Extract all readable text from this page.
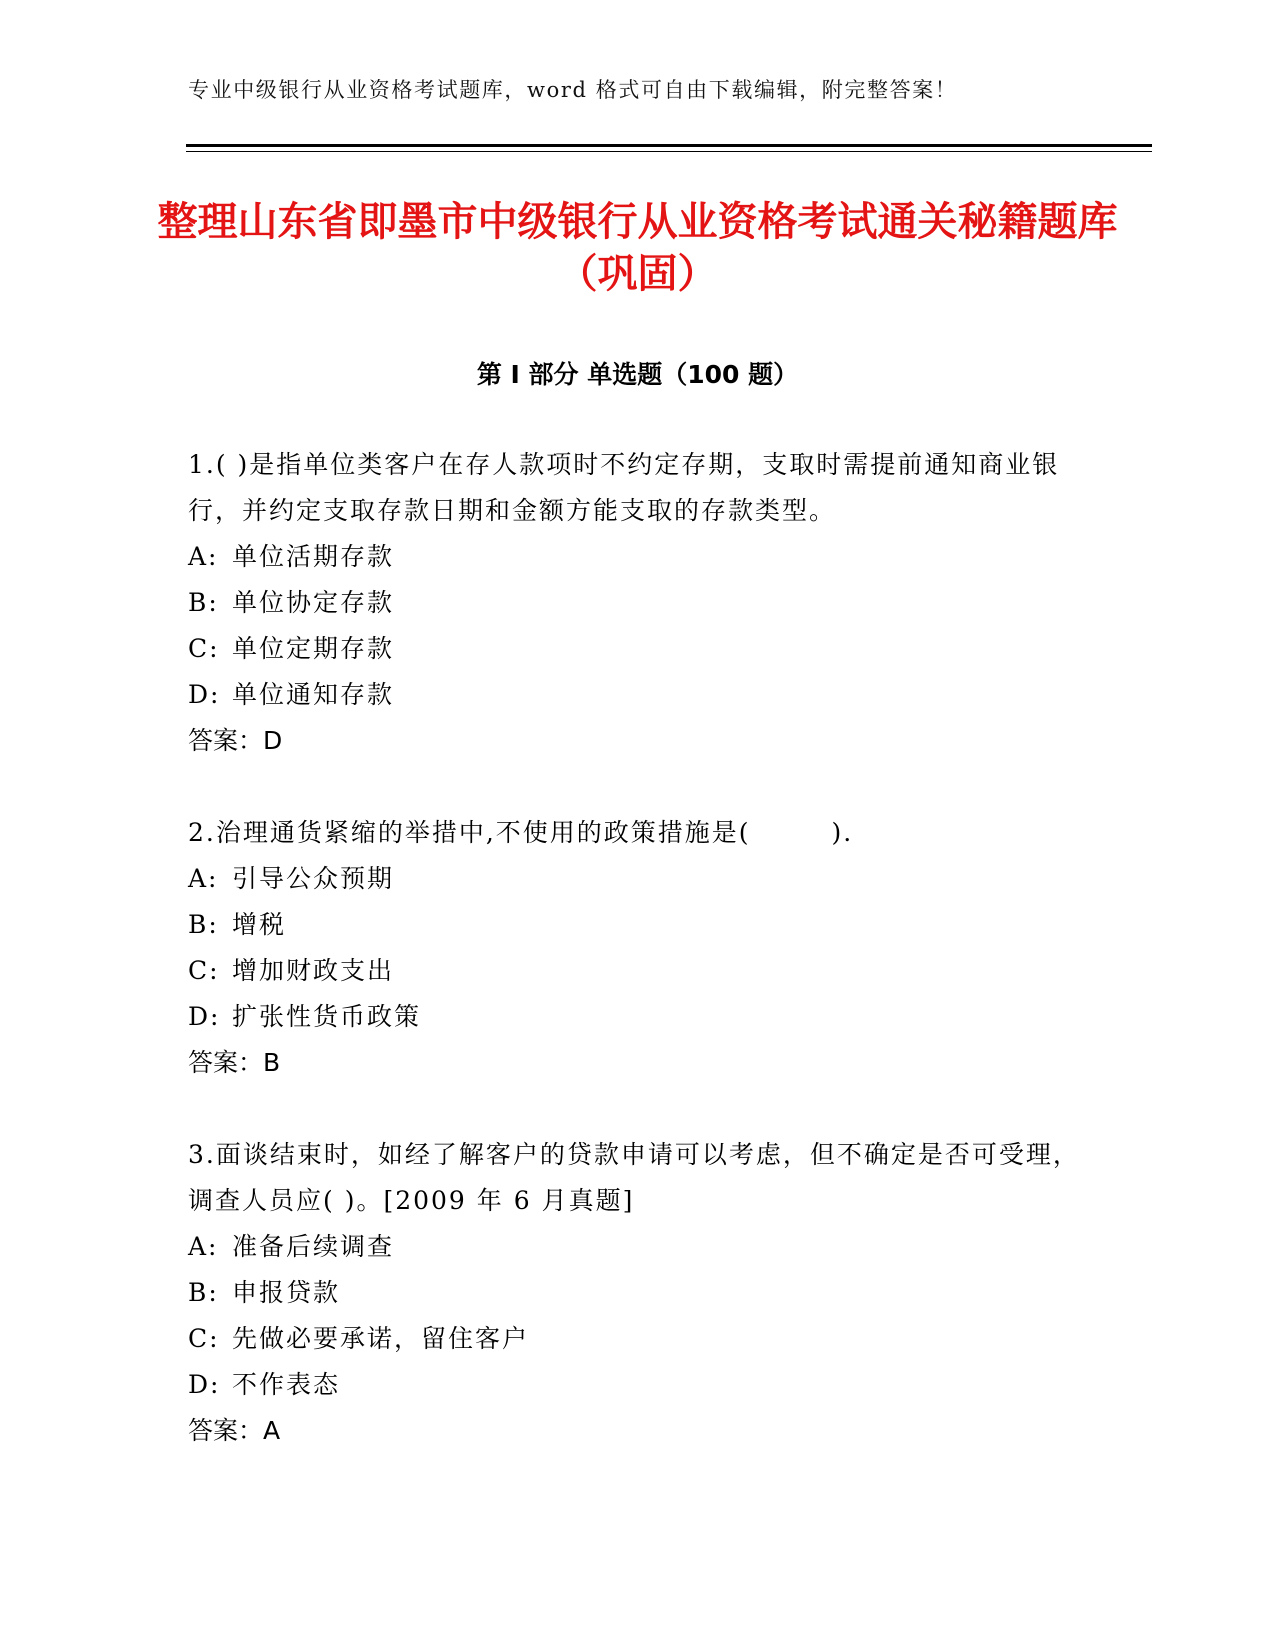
专业中级银行从业资格考试题库，word 格式可自由下载编辑，附完整答案！
整理山东省即墨市中级银行从业资格考试通关秘籍题库（巩固）
第 I 部分 单选题（100 题）

1.( )是指单位类客户在存人款项时不约定存期，支取时需提前通知商业银行，并约定支取存款日期和金额方能支取的存款类型。

A: 单位活期存款
B: 单位协定存款
C: 单位定期存款
D: 单位通知存款
答案：D

2.治理通货紧缩的举措中,不使用的政策措施是(　　　).

A: 引导公众预期
B: 增税
C: 增加财政支出
D: 扩张性货币政策
答案：B

3.面谈结束时，如经了解客户的贷款申请可以考虑，但不确定是否可受理，调查人员应( )。[2009 年 6 月真题]

A: 准备后续调查
B: 申报贷款
C: 先做必要承诺，留住客户
D: 不作表态
答案：A
